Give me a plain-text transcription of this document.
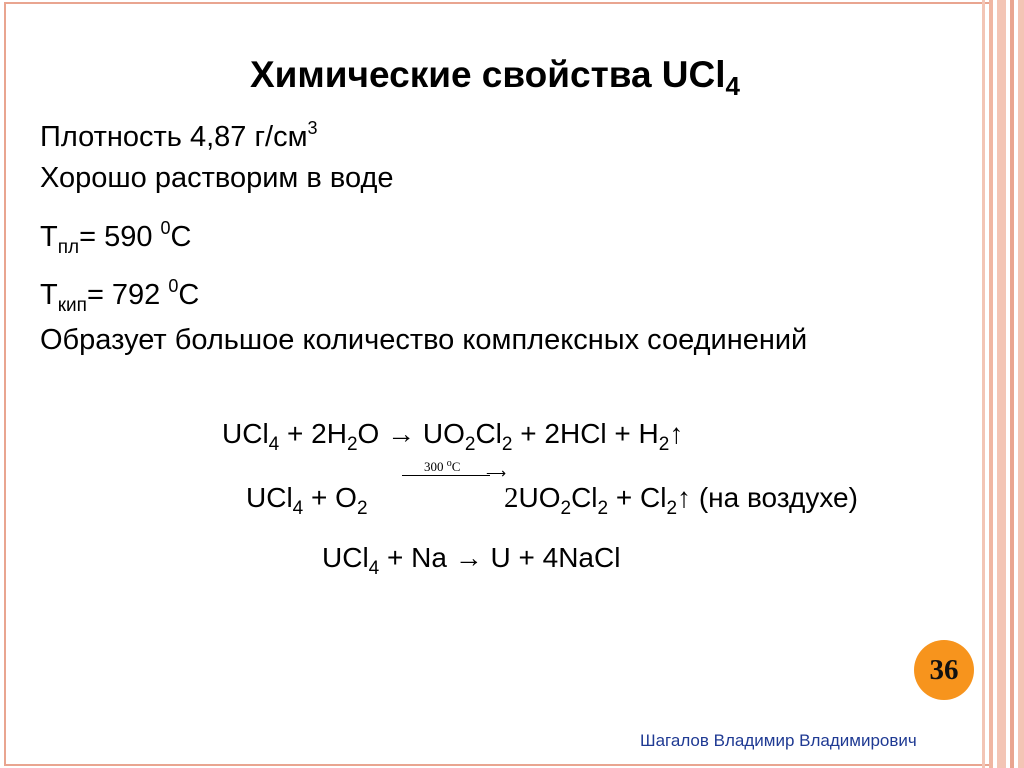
Химические свойства UCl$_4$
Плотность 4,87 $г/см^3$
Хорошо растворим в воде
$Т_{пл}= 590$ $^0$С
$Т_{кип}= 792$ $^0$С
Образует большое количество комплексных соединений
$UCl_4 + 2H_2O \to UO_2Cl_2 + 2HCl$ + $H_2↑$
$UCl_4 + O_2$
300 $^o$C
⟶
$2UO_2Cl_2$ + $Cl_2↑$ (на воздухе)
UCl$_4$ + Na → U + 4NaCl
36
Шагалов Владимир Владимирович
